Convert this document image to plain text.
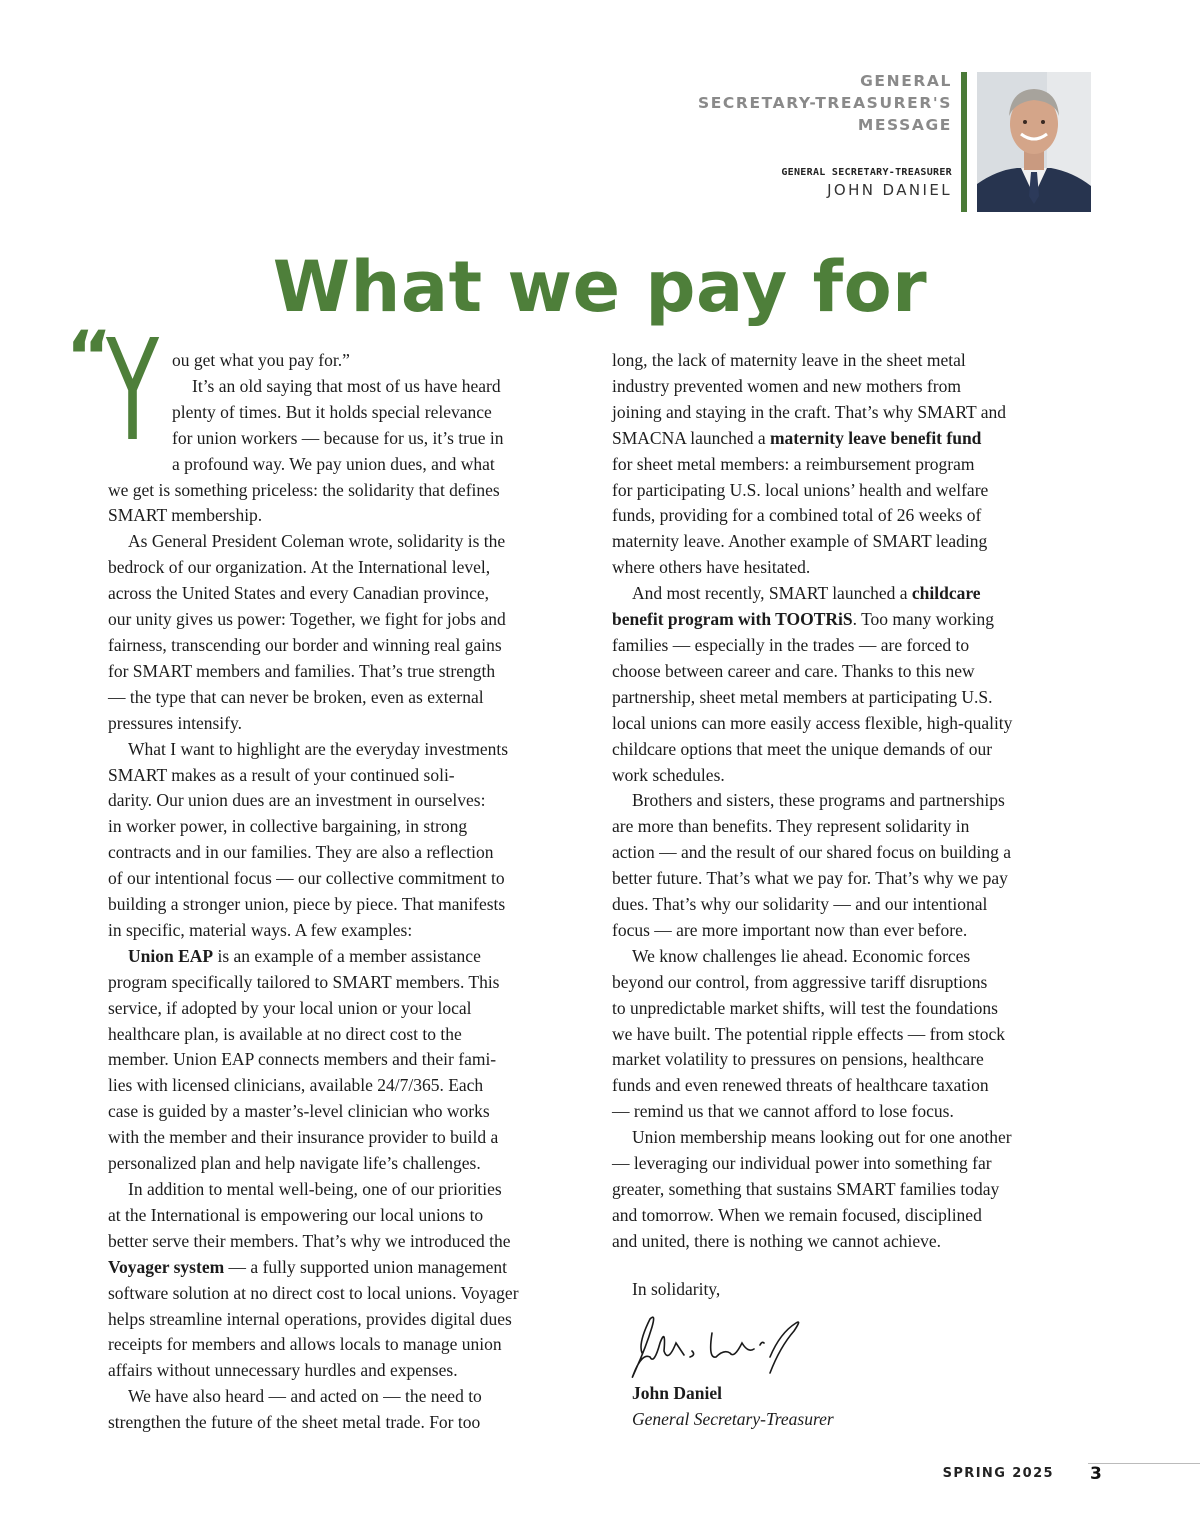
GENERAL
SECRETARY-TREASURER'S
MESSAGE
GENERAL SECRETARY-TREASURER
JOHN DANIEL
What we pay for
“Y ou get what you pay for.”
It’s an old saying that most of us have heard
plenty of times. But it holds special relevance
for union workers — because for us, it’s true in
a profound way. We pay union dues, and what
we get is something priceless: the solidarity that defines
SMART membership.
As General President Coleman wrote, solidarity is the
bedrock of our organization. At the International level,
across the United States and every Canadian province,
our unity gives us power: Together, we fight for jobs and
fairness, transcending our border and winning real gains
for SMART members and families. That’s true strength
— the type that can never be broken, even as external
pressures intensify.
What I want to highlight are the everyday investments
SMART makes as a result of your continued soli-
darity. Our union dues are an investment in ourselves:
in worker power, in collective bargaining, in strong
contracts and in our families. They are also a reflection
of our intentional focus — our collective commitment to
building a stronger union, piece by piece. That manifests
in specific, material ways. A few examples:
Union EAP is an example of a member assistance
program specifically tailored to SMART members. This
service, if adopted by your local union or your local
healthcare plan, is available at no direct cost to the
member. Union EAP connects members and their fami-
lies with licensed clinicians, available 24/7/365. Each
case is guided by a master’s-level clinician who works
with the member and their insurance provider to build a
personalized plan and help navigate life’s challenges.
In addition to mental well-being, one of our priorities
at the International is empowering our local unions to
better serve their members. That’s why we introduced the
Voyager system — a fully supported union management
software solution at no direct cost to local unions. Voyager
helps streamline internal operations, provides digital dues
receipts for members and allows locals to manage union
affairs without unnecessary hurdles and expenses.
We have also heard — and acted on — the need to
strengthen the future of the sheet metal trade. For too
long, the lack of maternity leave in the sheet metal
industry prevented women and new mothers from
joining and staying in the craft. That’s why SMART and
SMACNA launched a maternity leave benefit fund
for sheet metal members: a reimbursement program
for participating U.S. local unions’ health and welfare
funds, providing for a combined total of 26 weeks of
maternity leave. Another example of SMART leading
where others have hesitated.
And most recently, SMART launched a childcare
benefit program with TOOTRiS. Too many working
families — especially in the trades — are forced to
choose between career and care. Thanks to this new
partnership, sheet metal members at participating U.S.
local unions can more easily access flexible, high-quality
childcare options that meet the unique demands of our
work schedules.
Brothers and sisters, these programs and partnerships
are more than benefits. They represent solidarity in
action — and the result of our shared focus on building a
better future. That’s what we pay for. That’s why we pay
dues. That’s why our solidarity — and our intentional
focus — are more important now than ever before.
We know challenges lie ahead. Economic forces
beyond our control, from aggressive tariff disruptions
to unpredictable market shifts, will test the foundations
we have built. The potential ripple effects — from stock
market volatility to pressures on pensions, healthcare
funds and even renewed threats of healthcare taxation
— remind us that we cannot afford to lose focus.
Union membership means looking out for one another
— leveraging our individual power into something far
greater, something that sustains SMART families today
and tomorrow. When we remain focused, disciplined
and united, there is nothing we cannot achieve.
In solidarity,
John Daniel
General Secretary-Treasurer
SPRING 2025 3
